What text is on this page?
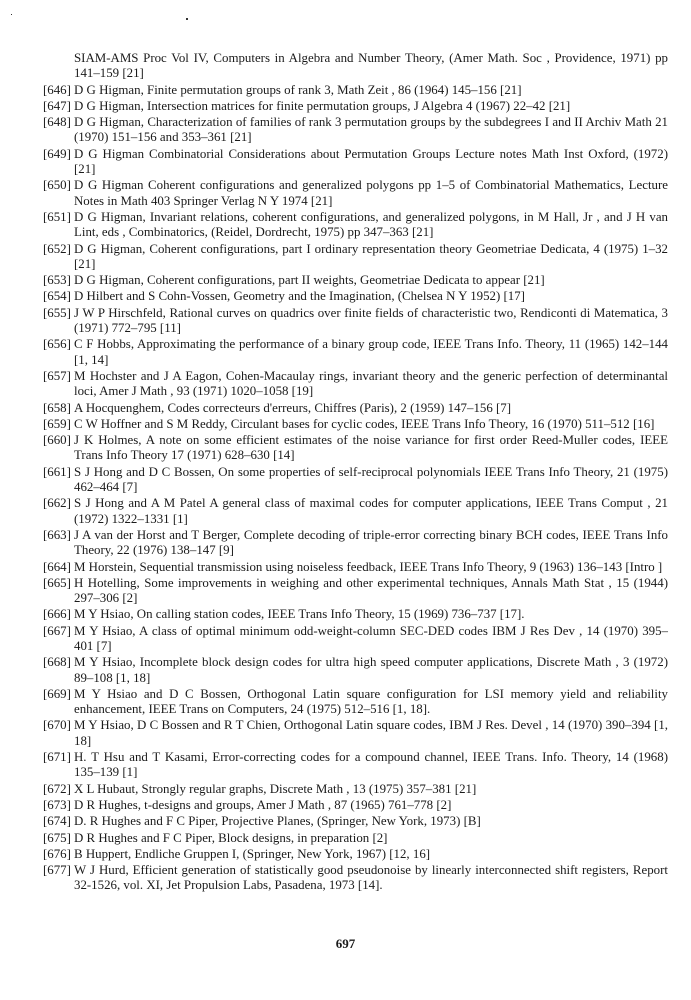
SIAM-AMS Proc Vol IV, Computers in Algebra and Number Theory, (Amer Math. Soc , Providence, 1971) pp 141–159 [21]
[646] D G Higman, Finite permutation groups of rank 3, Math Zeit , 86 (1964) 145–156 [21]
[647] D G Higman, Intersection matrices for finite permutation groups, J Algebra 4 (1967) 22–42 [21]
[648] D G Higman, Characterization of families of rank 3 permutation groups by the subdegrees I and II Archiv Math 21 (1970) 151–156 and 353–361 [21]
[649] D G Higman Combinatorial Considerations about Permutation Groups Lecture notes Math Inst Oxford, (1972) [21]
[650] D G Higman Coherent configurations and generalized polygons pp 1–5 of Combinatorial Mathematics, Lecture Notes in Math 403 Springer Verlag N Y 1974 [21]
[651] D G Higman, Invariant relations, coherent configurations, and generalized polygons, in M Hall, Jr , and J H van Lint, eds , Combinatorics, (Reidel, Dordrecht, 1975) pp 347–363 [21]
[652] D G Higman, Coherent configurations, part I ordinary representation theory Geometriae Dedicata, 4 (1975) 1–32 [21]
[653] D G Higman, Coherent configurations, part II weights, Geometriae Dedicata to appear [21]
[654] D Hilbert and S Cohn-Vossen, Geometry and the Imagination, (Chelsea N Y 1952) [17]
[655] J W P Hirschfeld, Rational curves on quadrics over finite fields of characteristic two, Rendiconti di Matematica, 3 (1971) 772–795 [11]
[656] C F Hobbs, Approximating the performance of a binary group code, IEEE Trans Info. Theory, 11 (1965) 142–144 [1, 14]
[657] M Hochster and J A Eagon, Cohen-Macaulay rings, invariant theory and the generic perfection of determinantal loci, Amer J Math , 93 (1971) 1020–1058 [19]
[658] A Hocquenghem, Codes correcteurs d'erreurs, Chiffres (Paris), 2 (1959) 147–156 [7]
[659] C W Hoffner and S M Reddy, Circulant bases for cyclic codes, IEEE Trans Info Theory, 16 (1970) 511–512 [16]
[660] J K Holmes, A note on some efficient estimates of the noise variance for first order Reed-Muller codes, IEEE Trans Info Theory 17 (1971) 628–630 [14]
[661] S J Hong and D C Bossen, On some properties of self-reciprocal polynomials IEEE Trans Info Theory, 21 (1975) 462–464 [7]
[662] S J Hong and A M Patel A general class of maximal codes for computer applications, IEEE Trans Comput , 21 (1972) 1322–1331 [1]
[663] J A van der Horst and T Berger, Complete decoding of triple-error correcting binary BCH codes, IEEE Trans Info Theory, 22 (1976) 138–147 [9]
[664] M Horstein, Sequential transmission using noiseless feedback, IEEE Trans Info Theory, 9 (1963) 136–143 [Intro ]
[665] H Hotelling, Some improvements in weighing and other experimental techniques, Annals Math Stat , 15 (1944) 297–306 [2]
[666] M Y Hsiao, On calling station codes, IEEE Trans Info Theory, 15 (1969) 736–737 [17].
[667] M Y Hsiao, A class of optimal minimum odd-weight-column SEC-DED codes IBM J Res Dev , 14 (1970) 395–401 [7]
[668] M Y Hsiao, Incomplete block design codes for ultra high speed computer applications, Discrete Math , 3 (1972) 89–108 [1, 18]
[669] M Y Hsiao and D C Bossen, Orthogonal Latin square configuration for LSI memory yield and reliability enhancement, IEEE Trans on Computers, 24 (1975) 512–516 [1, 18].
[670] M Y Hsiao, D C Bossen and R T Chien, Orthogonal Latin square codes, IBM J Res. Devel , 14 (1970) 390–394 [1, 18]
[671] H. T Hsu and T Kasami, Error-correcting codes for a compound channel, IEEE Trans. Info. Theory, 14 (1968) 135–139 [1]
[672] X L Hubaut, Strongly regular graphs, Discrete Math , 13 (1975) 357–381 [21]
[673] D R Hughes, t-designs and groups, Amer J Math , 87 (1965) 761–778 [2]
[674] D. R Hughes and F C Piper, Projective Planes, (Springer, New York, 1973) [B]
[675] D R Hughes and F C Piper, Block designs, in preparation [2]
[676] B Huppert, Endliche Gruppen I, (Springer, New York, 1967) [12, 16]
[677] W J Hurd, Efficient generation of statistically good pseudonoise by linearly interconnected shift registers, Report 32-1526, vol. XI, Jet Propulsion Labs, Pasadena, 1973 [14].
697
